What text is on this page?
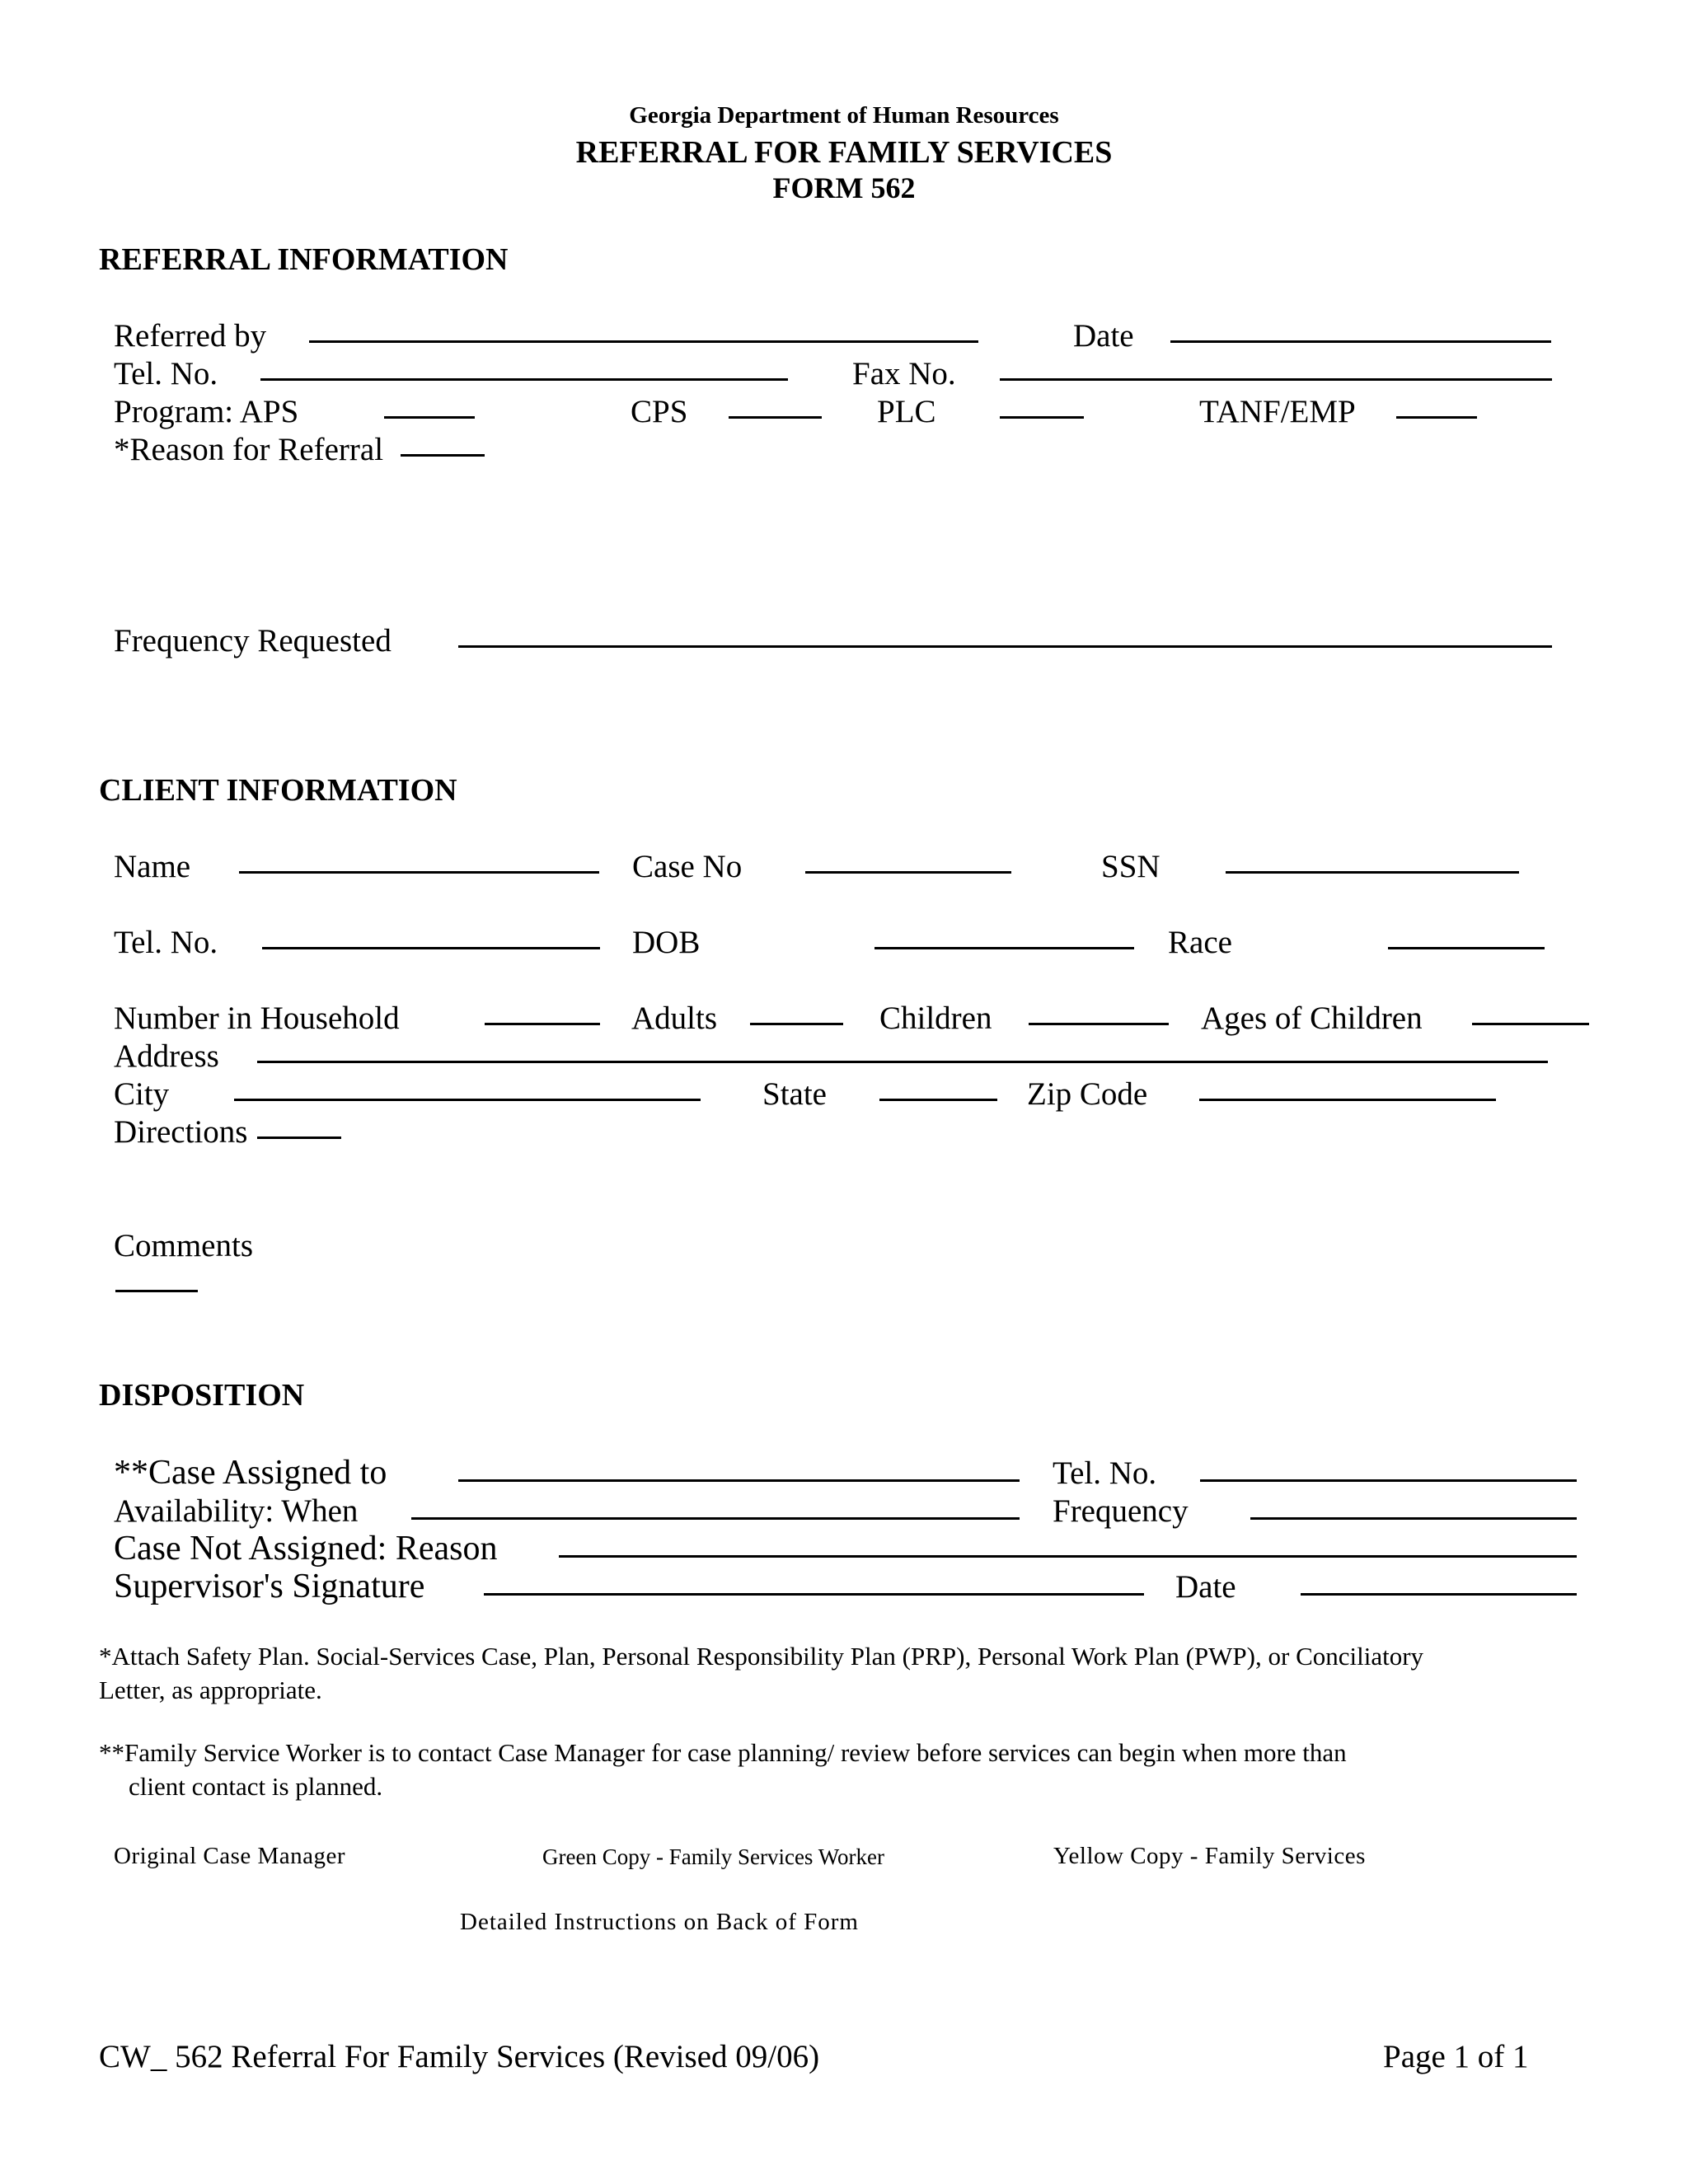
Georgia Department of Human Resources
REFERRAL FOR FAMILY SERVICES
FORM 562
REFERRAL INFORMATION
Referred by	Date
Tel. No.	Fax No.
Program: APS	CPS	PLC	TANF/EMP
*Reason for Referral
Frequency Requested
CLIENT INFORMATION
Name	Case No	SSN
Tel. No.	DOB	Race
Number in Household	Adults	Children	Ages of Children
Address
City	State	Zip Code
Directions
Comments
DISPOSITION
**Case Assigned to	Tel. No.
Availability: When	Frequency
Case Not Assigned: Reason
Supervisor's Signature	Date
*Attach Safety Plan. Social-Services Case, Plan, Personal Responsibility Plan (PRP), Personal Work Plan (PWP), or Conciliatory
Letter, as appropriate.
**Family Service Worker is to contact Case Manager for case planning/ review before services can begin when more than
client contact is planned.
Original Case Manager	Green Copy - Family Services Worker	Yellow Copy - Family Services
Detailed Instructions on Back of Form
CW_ 562 Referral For Family Services (Revised 09/06)	Page 1 of 1
